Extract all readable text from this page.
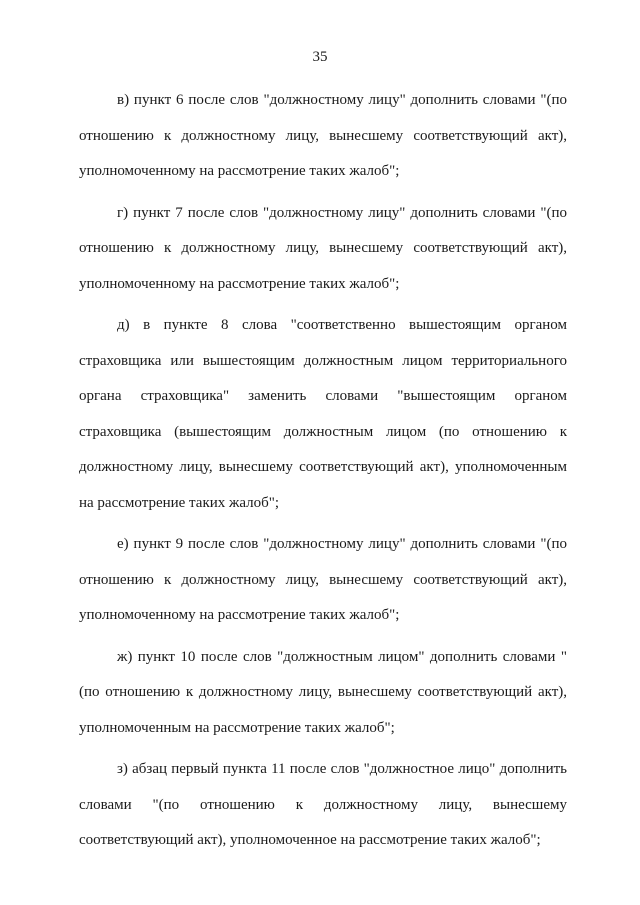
35

в) пункт 6 после слов "должностному лицу" дополнить словами "(по отношению к должностному лицу, вынесшему соответствующий акт), уполномоченному на рассмотрение таких жалоб";

г) пункт 7 после слов "должностному лицу" дополнить словами "(по отношению к должностному лицу, вынесшему соответствующий акт), уполномоченному на рассмотрение таких жалоб";

д) в пункте 8 слова "соответственно вышестоящим органом страховщика или вышестоящим должностным лицом территориального органа страховщика" заменить словами "вышестоящим органом страховщика (вышестоящим должностным лицом (по отношению к должностному лицу, вынесшему соответствующий акт), уполномоченным на рассмотрение таких жалоб";

е) пункт 9 после слов "должностному лицу" дополнить словами "(по отношению к должностному лицу, вынесшему соответствующий акт), уполномоченному на рассмотрение таких жалоб";

ж) пункт 10 после слов "должностным лицом" дополнить словами "(по отношению к должностному лицу, вынесшему соответствующий акт), уполномоченным на рассмотрение таких жалоб";

з) абзац первый пункта 11 после слов "должностное лицо" дополнить словами "(по отношению к должностному лицу, вынесшему соответствующий акт), уполномоченное на рассмотрение таких жалоб";
